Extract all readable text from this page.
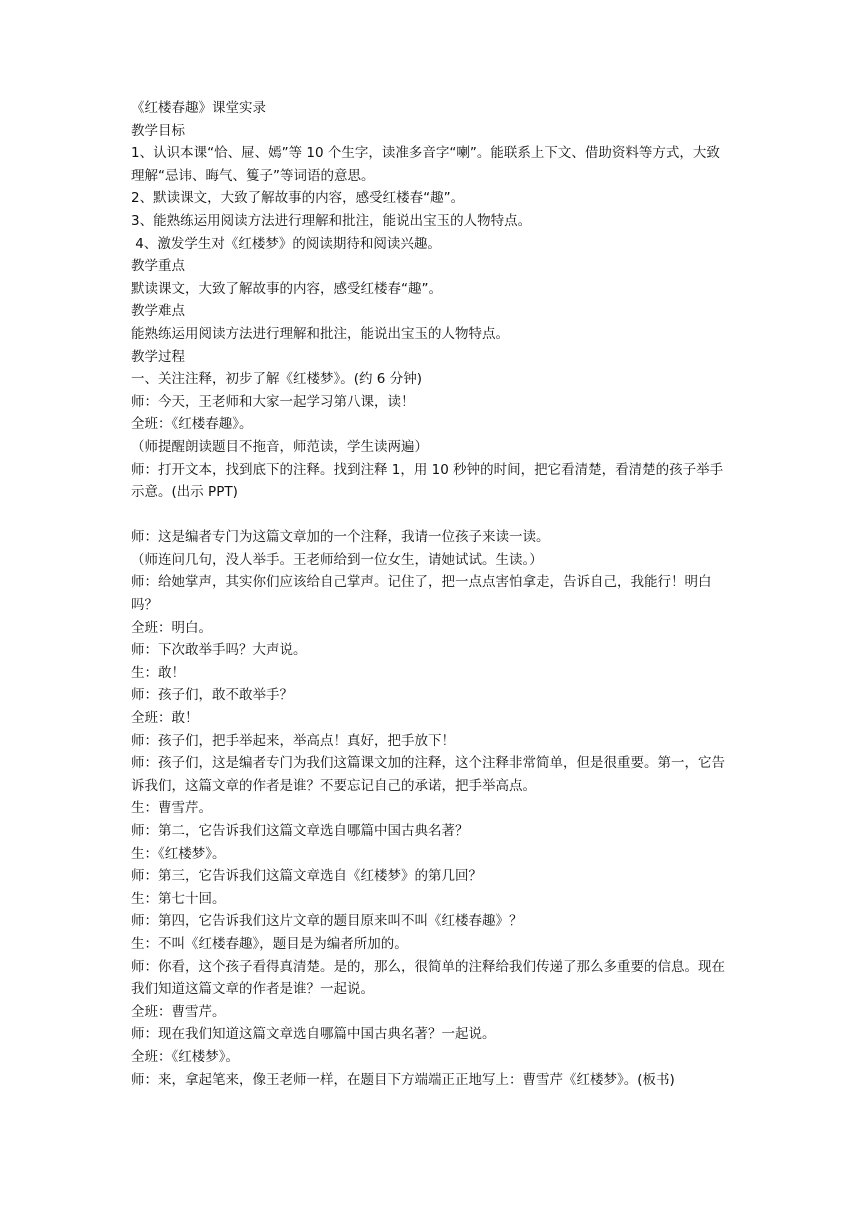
《红楼春趣》课堂实录

教学目标

1、认识本课“恰、屉、嫣”等 10 个生字，读准多音字“喇”。能联系上下文、借助资料等方式，大致理解“忌讳、晦气、篗子”等词语的意思。

2、默读课文，大致了解故事的内容，感受红楼春“趣”。

3、能熟练运用阅读方法进行理解和批注，能说出宝玉的人物特点。

4、激发学生对《红楼梦》的阅读期待和阅读兴趣。

教学重点

默读课文，大致了解故事的内容，感受红楼春“趣”。

教学难点

能熟练运用阅读方法进行理解和批注，能说出宝玉的人物特点。

教学过程

一、关注注释，初步了解《红楼梦》。(约 6 分钟)

师：今天，王老师和大家一起学习第八课，读！

全班：《红楼春趣》。

（师提醒朗读题目不拖音，师范读，学生读两遍）

师：打开文本，找到底下的注释。找到注释 1，用 10 秒钟的时间，把它看清楚，看清楚的孩子举手示意。(出示 PPT)

师：这是编者专门为这篇文章加的一个注释，我请一位孩子来读一读。

（师连问几句，没人举手。王老师给到一位女生，请她试试。生读。）

师：给她掌声，其实你们应该给自己掌声。记住了，把一点点害怕拿走，告诉自己，我能行！明白吗？

全班：明白。

师：下次敢举手吗？大声说。

生：敢！

师：孩子们，敢不敢举手？

全班：敢！

师：孩子们，把手举起来，举高点！真好，把手放下！

师：孩子们，这是编者专门为我们这篇课文加的注释，这个注释非常简单，但是很重要。第一，它告诉我们，这篇文章的作者是谁？不要忘记自己的承诺，把手举高点。

生：曹雪芹。

师：第二，它告诉我们这篇文章选自哪篇中国古典名著？

生：《红楼梦》。

师：第三，它告诉我们这篇文章选自《红楼梦》的第几回？

生：第七十回。

师：第四，它告诉我们这片文章的题目原来叫不叫《红楼春趣》？

生：不叫《红楼春趣》，题目是为编者所加的。

师：你看，这个孩子看得真清楚。是的，那么，很简单的注释给我们传递了那么多重要的信息。现在我们知道这篇文章的作者是谁？一起说。

全班：曹雪芹。

师：现在我们知道这篇文章选自哪篇中国古典名著？一起说。

全班：《红楼梦》。

师：来，拿起笔来，像王老师一样，在题目下方端端正正地写上：曹雪芹《红楼梦》。(板书)
